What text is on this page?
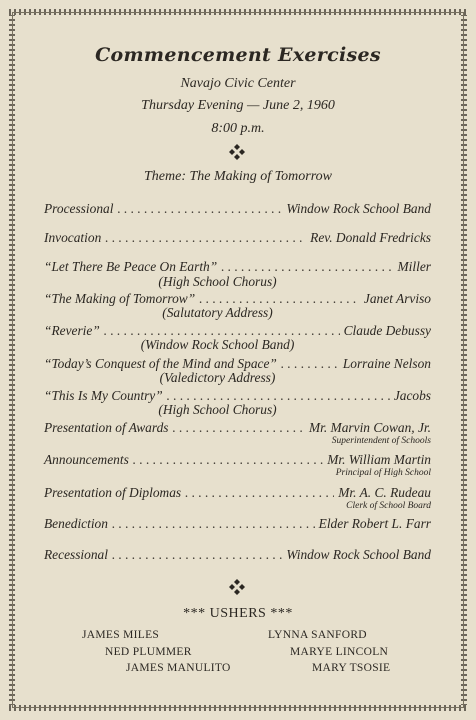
Commencement Exercises
Navajo Civic Center
Thursday Evening — June 2, 1960
8:00 p.m.
Theme: The Making of Tomorrow
Processional . . .	Window Rock School Band
Invocation . . .	Rev. Donald Fredricks
“Let There Be Peace On Earth” . . .	Miller
(High School Chorus)
“The Making of Tomorrow” . . .	Janet Arviso
(Salutatory Address)
“Reverie” . . .	Claude Debussy
(Window Rock School Band)
“Today’s Conquest of the Mind and Space” . . .	Lorraine Nelson
(Valedictory Address)
“This Is My Country” . . .	Jacobs
(High School Chorus)
Presentation of Awards . . .	Mr. Marvin Cowan, Jr.
Superintendent of Schools
Announcements . . .	Mr. William Martin
Principal of High School
Presentation of Diplomas . . .	Mr. A. C. Rudeau
Clerk of School Board
Benediction . . .	Elder Robert L. Farr
Recessional . . .	Window Rock School Band
*** USHERS ***
JAMES MILES	LYNNA SANFORD
NED PLUMMER	MARYE LINCOLN
JAMES MANULITO	MARY TSOSIE
